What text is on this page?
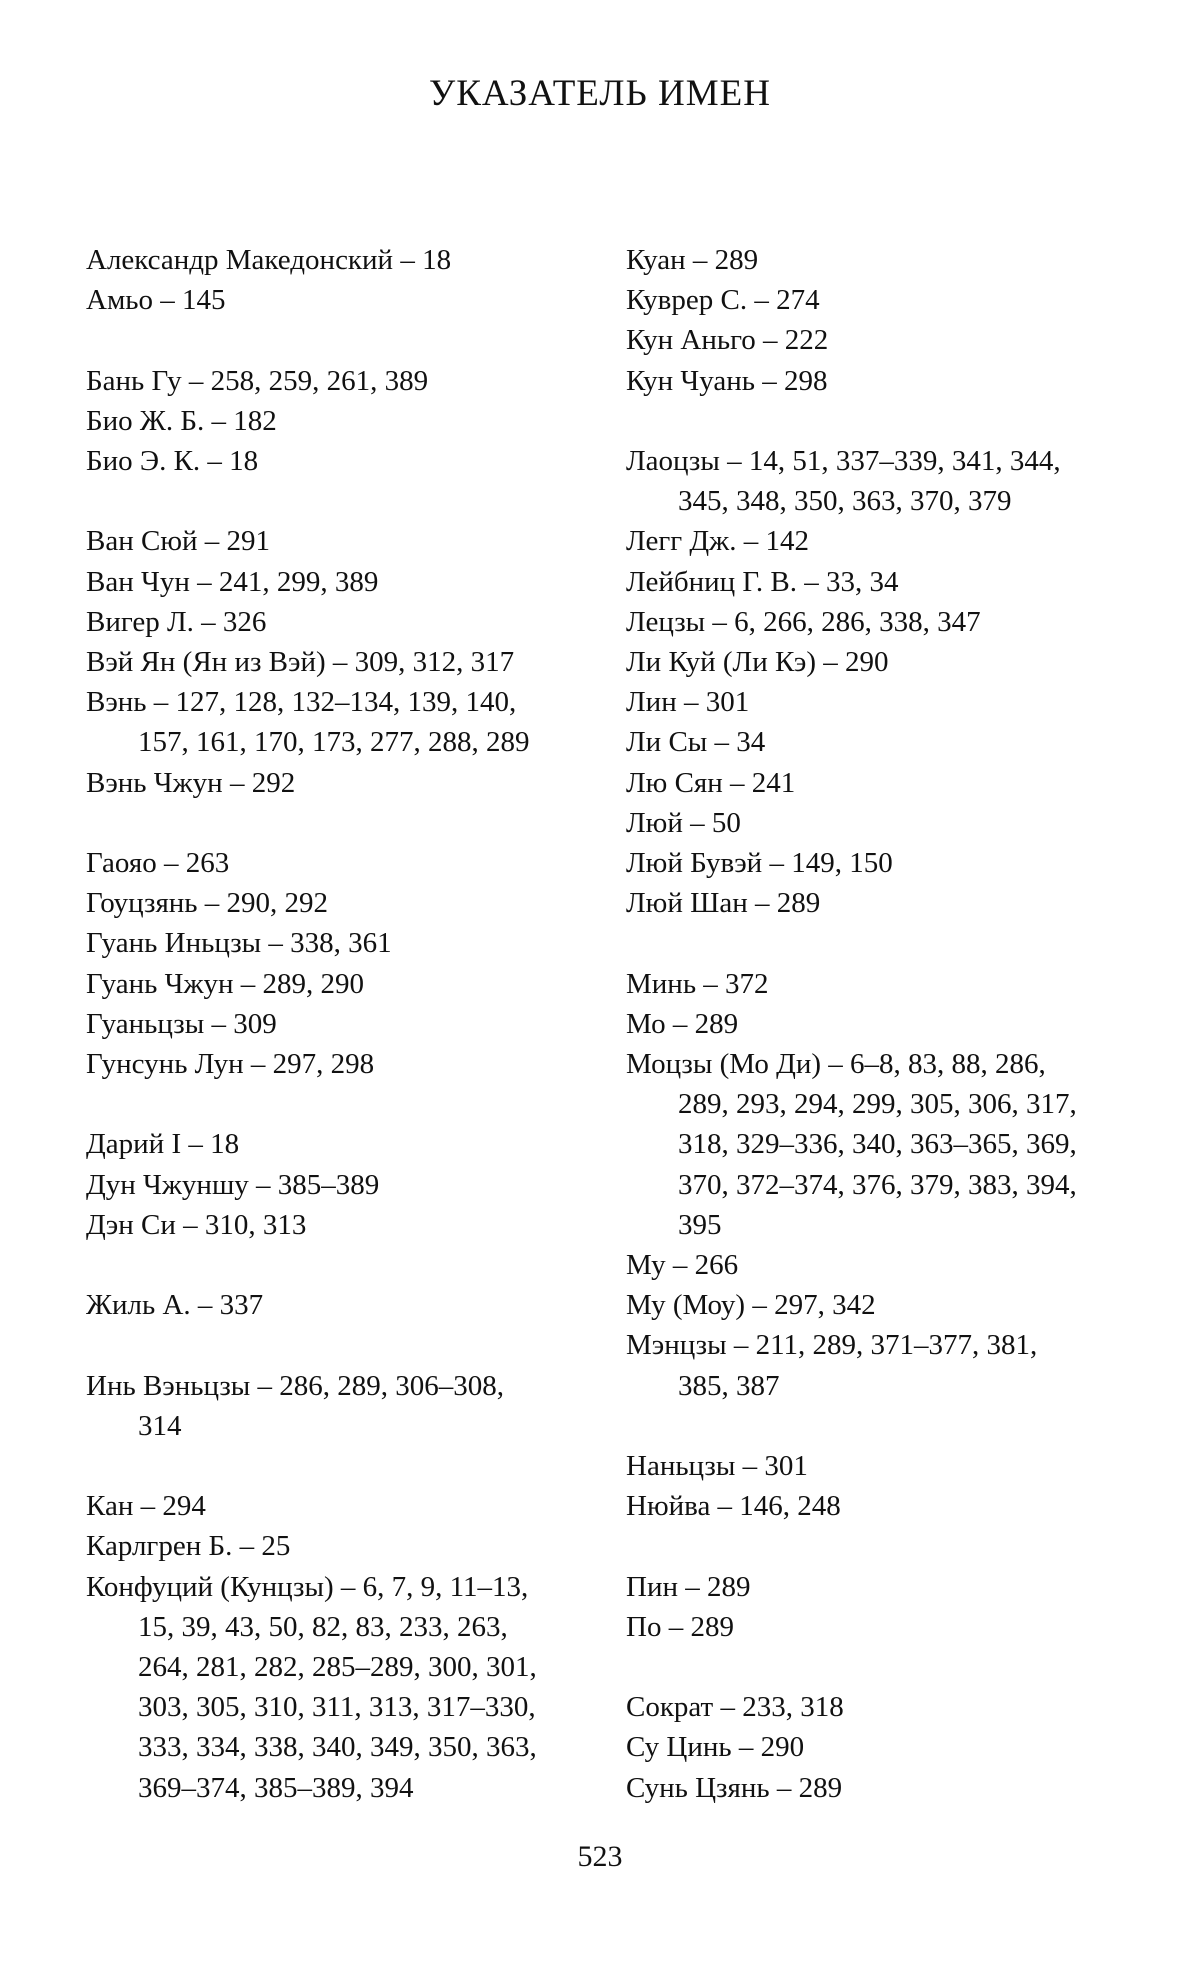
УКАЗАТЕЛЬ ИМЕН
Александр Македонский – 18
Амьо – 145
Бань Гу – 258, 259, 261, 389
Био Ж. Б. – 182
Био Э. К. – 18
Ван Сюй – 291
Ван Чун – 241, 299, 389
Вигер Л. – 326
Вэй Ян (Ян из Вэй) – 309, 312, 317
Вэнь – 127, 128, 132–134, 139, 140,
157, 161, 170, 173, 277, 288, 289
Вэнь Чжун – 292
Гаояо – 263
Гоуцзянь – 290, 292
Гуань Иньцзы – 338, 361
Гуань Чжун – 289, 290
Гуаньцзы – 309
Гунсунь Лун – 297, 298
Дарий I – 18
Дун Чжуншу – 385–389
Дэн Си – 310, 313
Жиль А. – 337
Инь Вэньцзы – 286, 289, 306–308,
314
Кан – 294
Карлгрен Б. – 25
Конфуций (Кунцзы) – 6, 7, 9, 11–13,
15, 39, 43, 50, 82, 83, 233, 263,
264, 281, 282, 285–289, 300, 301,
303, 305, 310, 311, 313, 317–330,
333, 334, 338, 340, 349, 350, 363,
369–374, 385–389, 394
Куан – 289
Куврер С. – 274
Кун Аньго – 222
Кун Чуань – 298
Лаоцзы – 14, 51, 337–339, 341, 344,
345, 348, 350, 363, 370, 379
Легг Дж. – 142
Лейбниц Г. В. – 33, 34
Лецзы – 6, 266, 286, 338, 347
Ли Куй (Ли Кэ) – 290
Лин – 301
Ли Сы – 34
Лю Сян – 241
Люй – 50
Люй Бувэй – 149, 150
Люй Шан – 289
Минь – 372
Мо – 289
Моцзы (Мо Ди) – 6–8, 83, 88, 286,
289, 293, 294, 299, 305, 306, 317,
318, 329–336, 340, 363–365, 369,
370, 372–374, 376, 379, 383, 394,
395
Му – 266
Му (Моу) – 297, 342
Мэнцзы – 211, 289, 371–377, 381,
385, 387
Наньцзы – 301
Нюйва – 146, 248
Пин – 289
По – 289
Сократ – 233, 318
Су Цинь – 290
Сунь Цзянь – 289
523
